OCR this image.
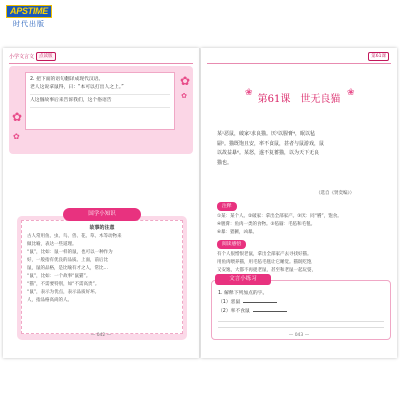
APSTIME
时代出版
小学文言文	点读版
✿
✿
✿
✿
2. 把下面的语句翻译成现代汉语。
老人这说拿鼠得，曰：“本可以打出人之上。”
人这個故事后来告诉我们，这个俗语告
故事的注意
古人常用鱼、虫、鸟、兽、花、草、木等动物来
做比喻，表达一些道理。
“鼠”，比如：鼠一样的鼠，也可以一种作为
好，一般指有优良的品质。上面，前后比
鼠，鼠的品格，是比喻有才之人，常比…
“鼠”，比如：一个故事“鼠猫”。
“猫”，不需要特别，如“不需高贵”。
“鼠”，表示为优点，表示品质好坏。
人，指品格高尚的人。
国学小知识
— 042 —
第61课
❀
第61课　世无良猫
❀
某¹恶鼠，破家²求良猫。厌³以腥膏⁴，眠以毡
罽⁵。猫既饱且安，率不食鼠，甚者与鼠游戏，鼠
以故益暴⁶。某怒，遂不复蓄猫，以为天下无良
猫也。
（选自《贤奕编》）
注释
①某：某个人。②破家：拿出全部家产。③厌：同“餍”，饱食。
④腥膏：鱼肉一类的食物。⑤毡罽：毛毡和毛毯。
⑥暴：猖獗，凶暴。
阅读感悟
有个人很憎恨老鼠，拿出全部家产去寻找好猫。
用鱼肉喂养猫，用毛毡毛毯让它睡觉。猫既吃饱
又安逸，大都不再捉老鼠，甚至和老鼠一起玩耍，
1. 解释下列加点的字。
（1）恶鼠
（2）率不食鼠
文言小练习
— 043 —
